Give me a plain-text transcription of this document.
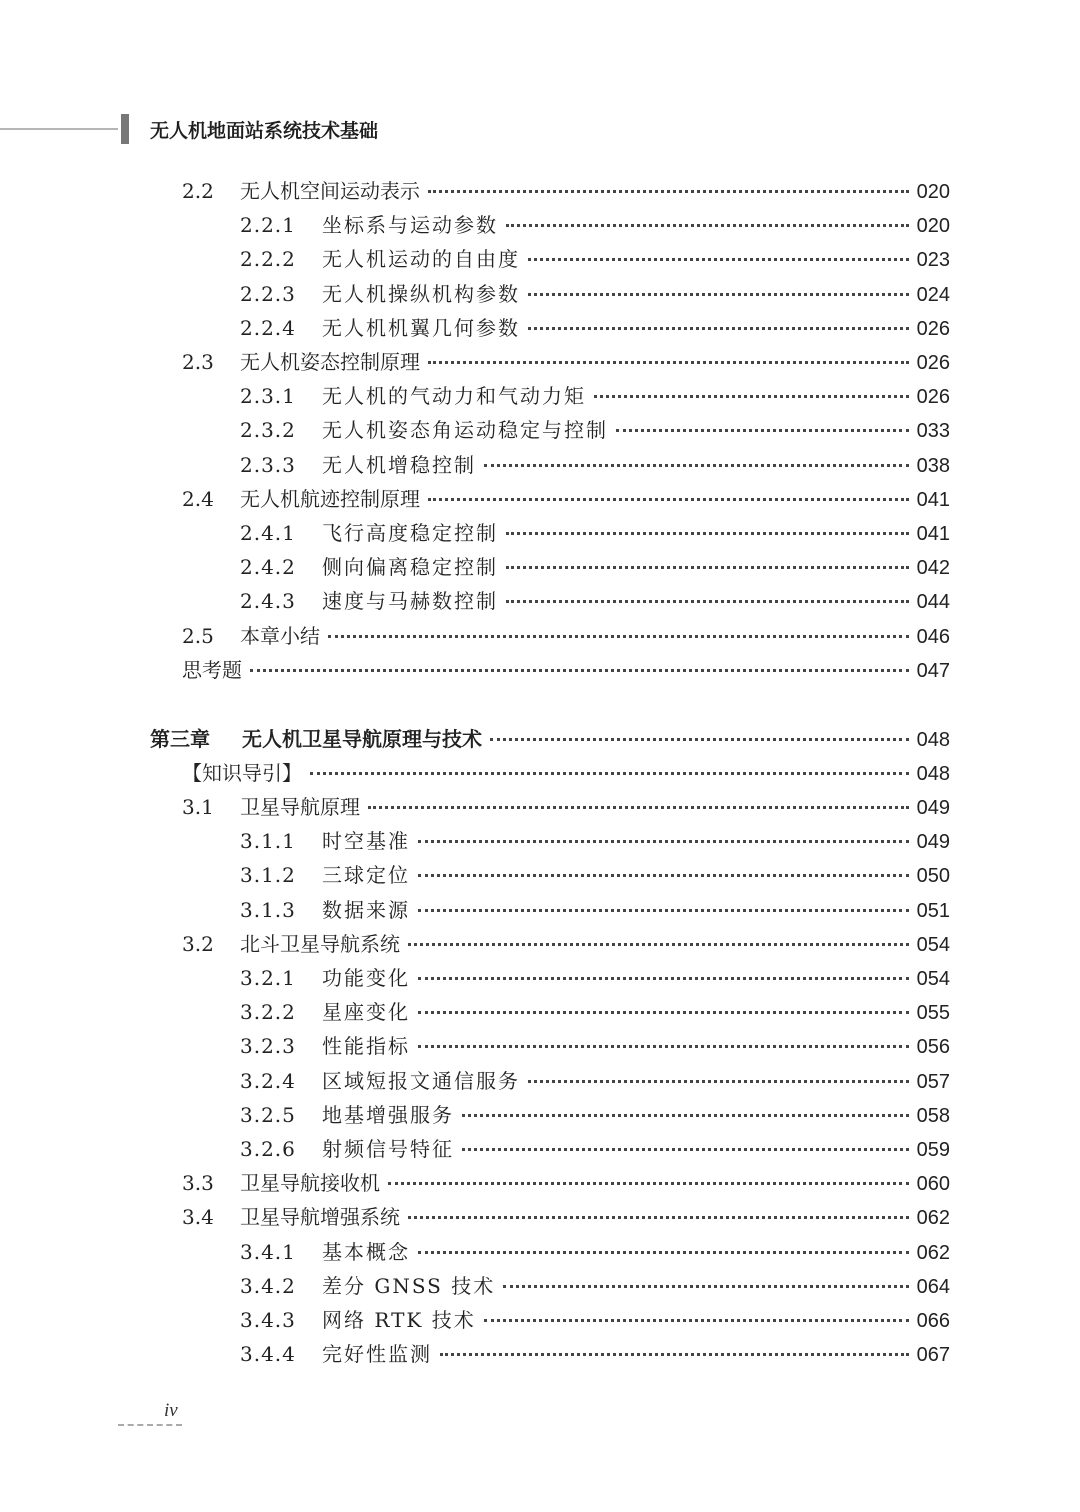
无人机地面站系统技术基础
2.2	无人机空间运动表示	020
2.2.1	坐标系与运动参数	020
2.2.2	无人机运动的自由度	023
2.2.3	无人机操纵机构参数	024
2.2.4	无人机机翼几何参数	026
2.3	无人机姿态控制原理	026
2.3.1	无人机的气动力和气动力矩	026
2.3.2	无人机姿态角运动稳定与控制	033
2.3.3	无人机增稳控制	038
2.4	无人机航迹控制原理	041
2.4.1	飞行高度稳定控制	041
2.4.2	侧向偏离稳定控制	042
2.4.3	速度与马赫数控制	044
2.5	本章小结	046
思考题	047
第三章	无人机卫星导航原理与技术	048
【知识导引】	048
3.1	卫星导航原理	049
3.1.1	时空基准	049
3.1.2	三球定位	050
3.1.3	数据来源	051
3.2	北斗卫星导航系统	054
3.2.1	功能变化	054
3.2.2	星座变化	055
3.2.3	性能指标	056
3.2.4	区域短报文通信服务	057
3.2.5	地基增强服务	058
3.2.6	射频信号特征	059
3.3	卫星导航接收机	060
3.4	卫星导航增强系统	062
3.4.1	基本概念	062
3.4.2	差分 GNSS 技术	064
3.4.3	网络 RTK 技术	066
3.4.4	完好性监测	067
iv
